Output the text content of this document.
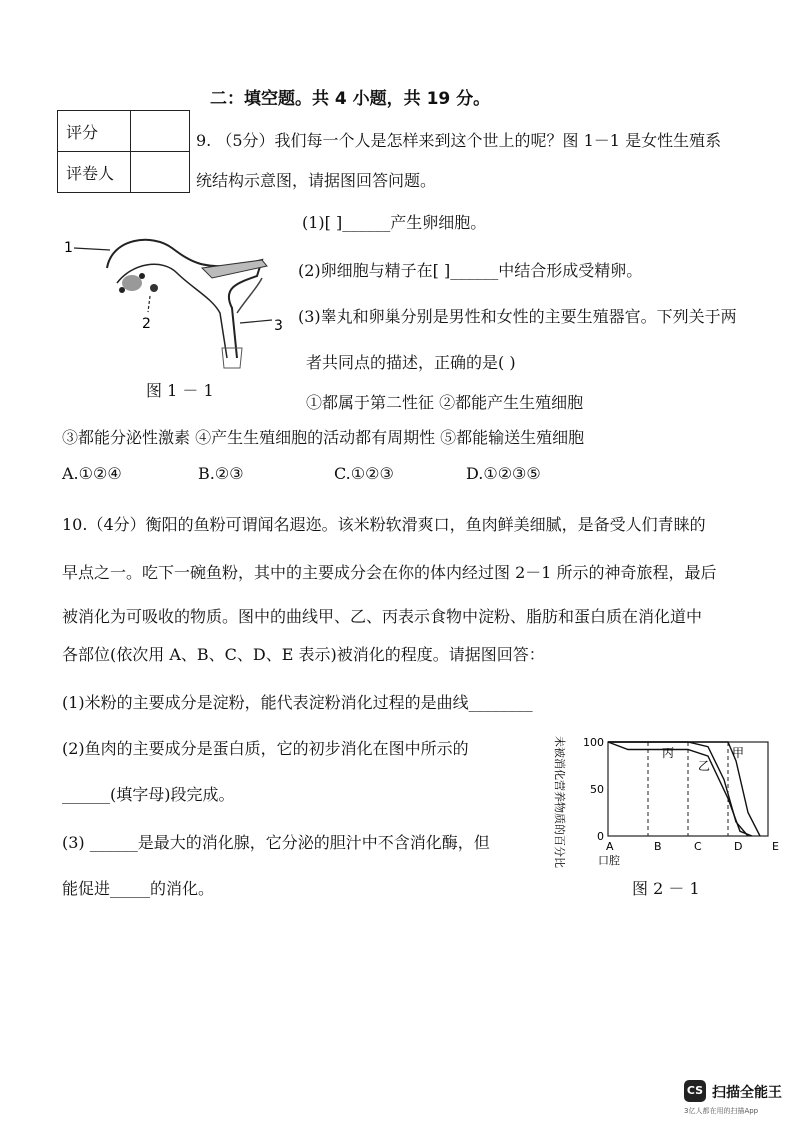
二：填空题。共 4 小题，共 19 分。
评分	
评卷人	
9. （5分）我们每一个人是怎样来到这个世上的呢？图 1－1 是女性生殖系
统结构示意图，请据图回答问题。
(1)[ ]______产生卵细胞。
(2)卵细胞与精子在[ ]______中结合形成受精卵。
(3)睾丸和卵巢分别是男性和女性的主要生殖器官。下列关于两
者共同点的描述，正确的是( )
①都属于第二性征 ②都能产生生殖细胞
③都能分泌性激素 ④产生生殖细胞的活动都有周期性 ⑤都能输送生殖细胞
A.①②④	B.②③	C.①②③	D.①②③⑤
1
2	3
图 1 － 1
10.（4分）衡阳的鱼粉可谓闻名遐迩。该米粉软滑爽口，鱼肉鲜美细腻，是备受人们青睐的
早点之一。吃下一碗鱼粉，其中的主要成分会在你的体内经过图 2－1 所示的神奇旅程，最后
被消化为可吸收的物质。图中的曲线甲、乙、丙表示食物中淀粉、脂肪和蛋白质在消化道中
各部位(依次用 A、B、C、D、E 表示)被消化的程度。请据图回答：
(1)米粉的主要成分是淀粉，能代表淀粉消化过程的是曲线________
(2)鱼肉的主要成分是蛋白质，它的初步消化在图中所示的
______(填字母)段完成。
(3) ______是最大的消化腺，它分泌的胆汁中不含消化酶，但
能促进_____的消化。
未被消化营养物质的百分比	0
50
100
A	B	C	D	E
口腔
丙
乙
甲
图 2 － 1
CS 扫描全能王
3亿人都在用的扫描App
